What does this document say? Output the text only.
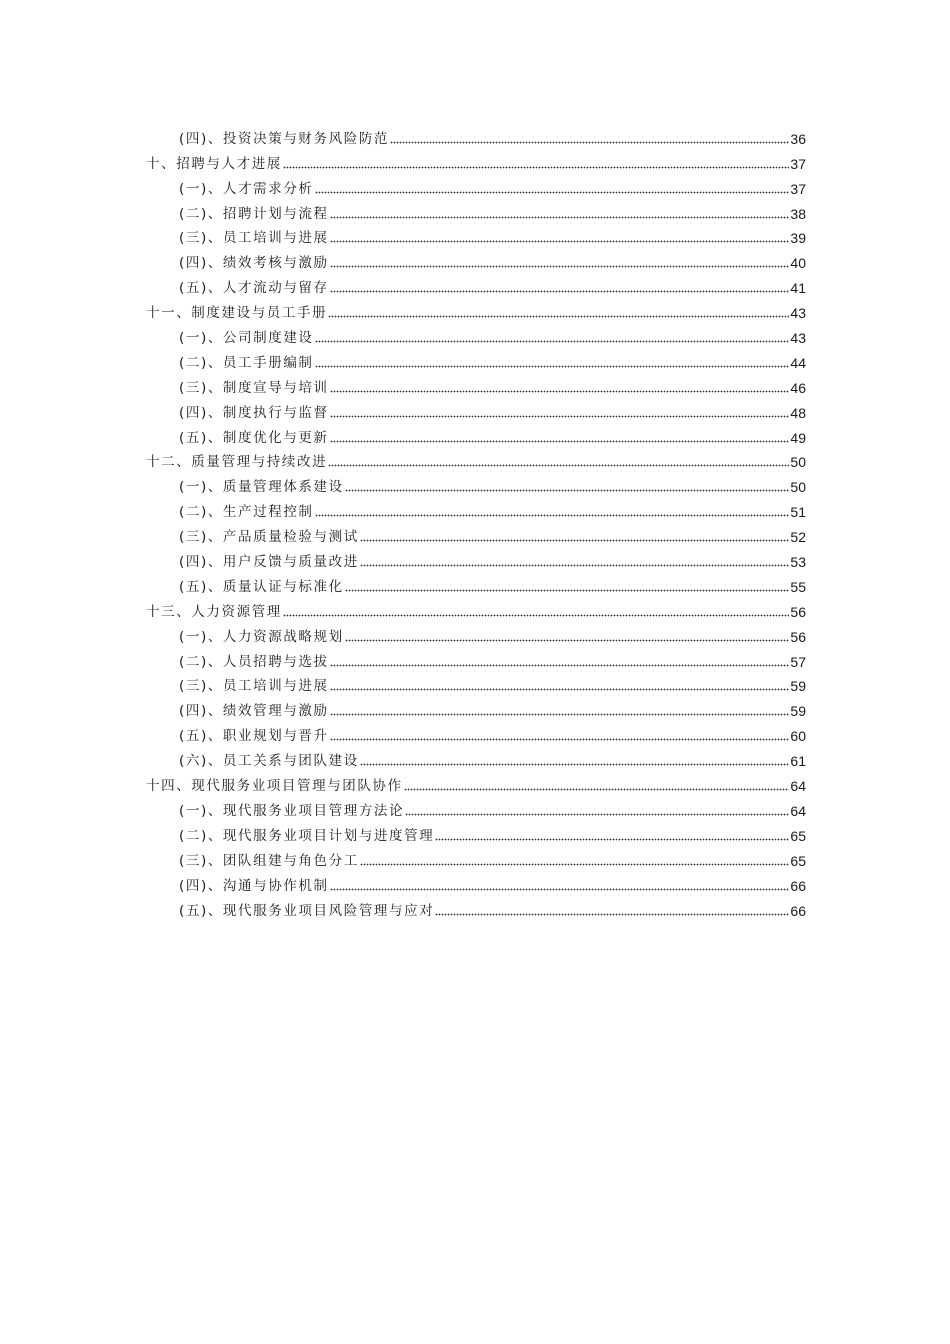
(四)、投资决策与财务风险防范	36
十、招聘与人才进展	37
(一)、人才需求分析	37
(二)、招聘计划与流程	38
(三)、员工培训与进展	39
(四)、绩效考核与激励	40
(五)、人才流动与留存	41
十一、制度建设与员工手册	43
(一)、公司制度建设	43
(二)、员工手册编制	44
(三)、制度宣导与培训	46
(四)、制度执行与监督	48
(五)、制度优化与更新	49
十二、质量管理与持续改进	50
(一)、质量管理体系建设	50
(二)、生产过程控制	51
(三)、产品质量检验与测试	52
(四)、用户反馈与质量改进	53
(五)、质量认证与标准化	55
十三、人力资源管理	56
(一)、人力资源战略规划	56
(二)、人员招聘与选拔	57
(三)、员工培训与进展	59
(四)、绩效管理与激励	59
(五)、职业规划与晋升	60
(六)、员工关系与团队建设	61
十四、现代服务业项目管理与团队协作	64
(一)、现代服务业项目管理方法论	64
(二)、现代服务业项目计划与进度管理	65
(三)、团队组建与角色分工	65
(四)、沟通与协作机制	66
(五)、现代服务业项目风险管理与应对	66
